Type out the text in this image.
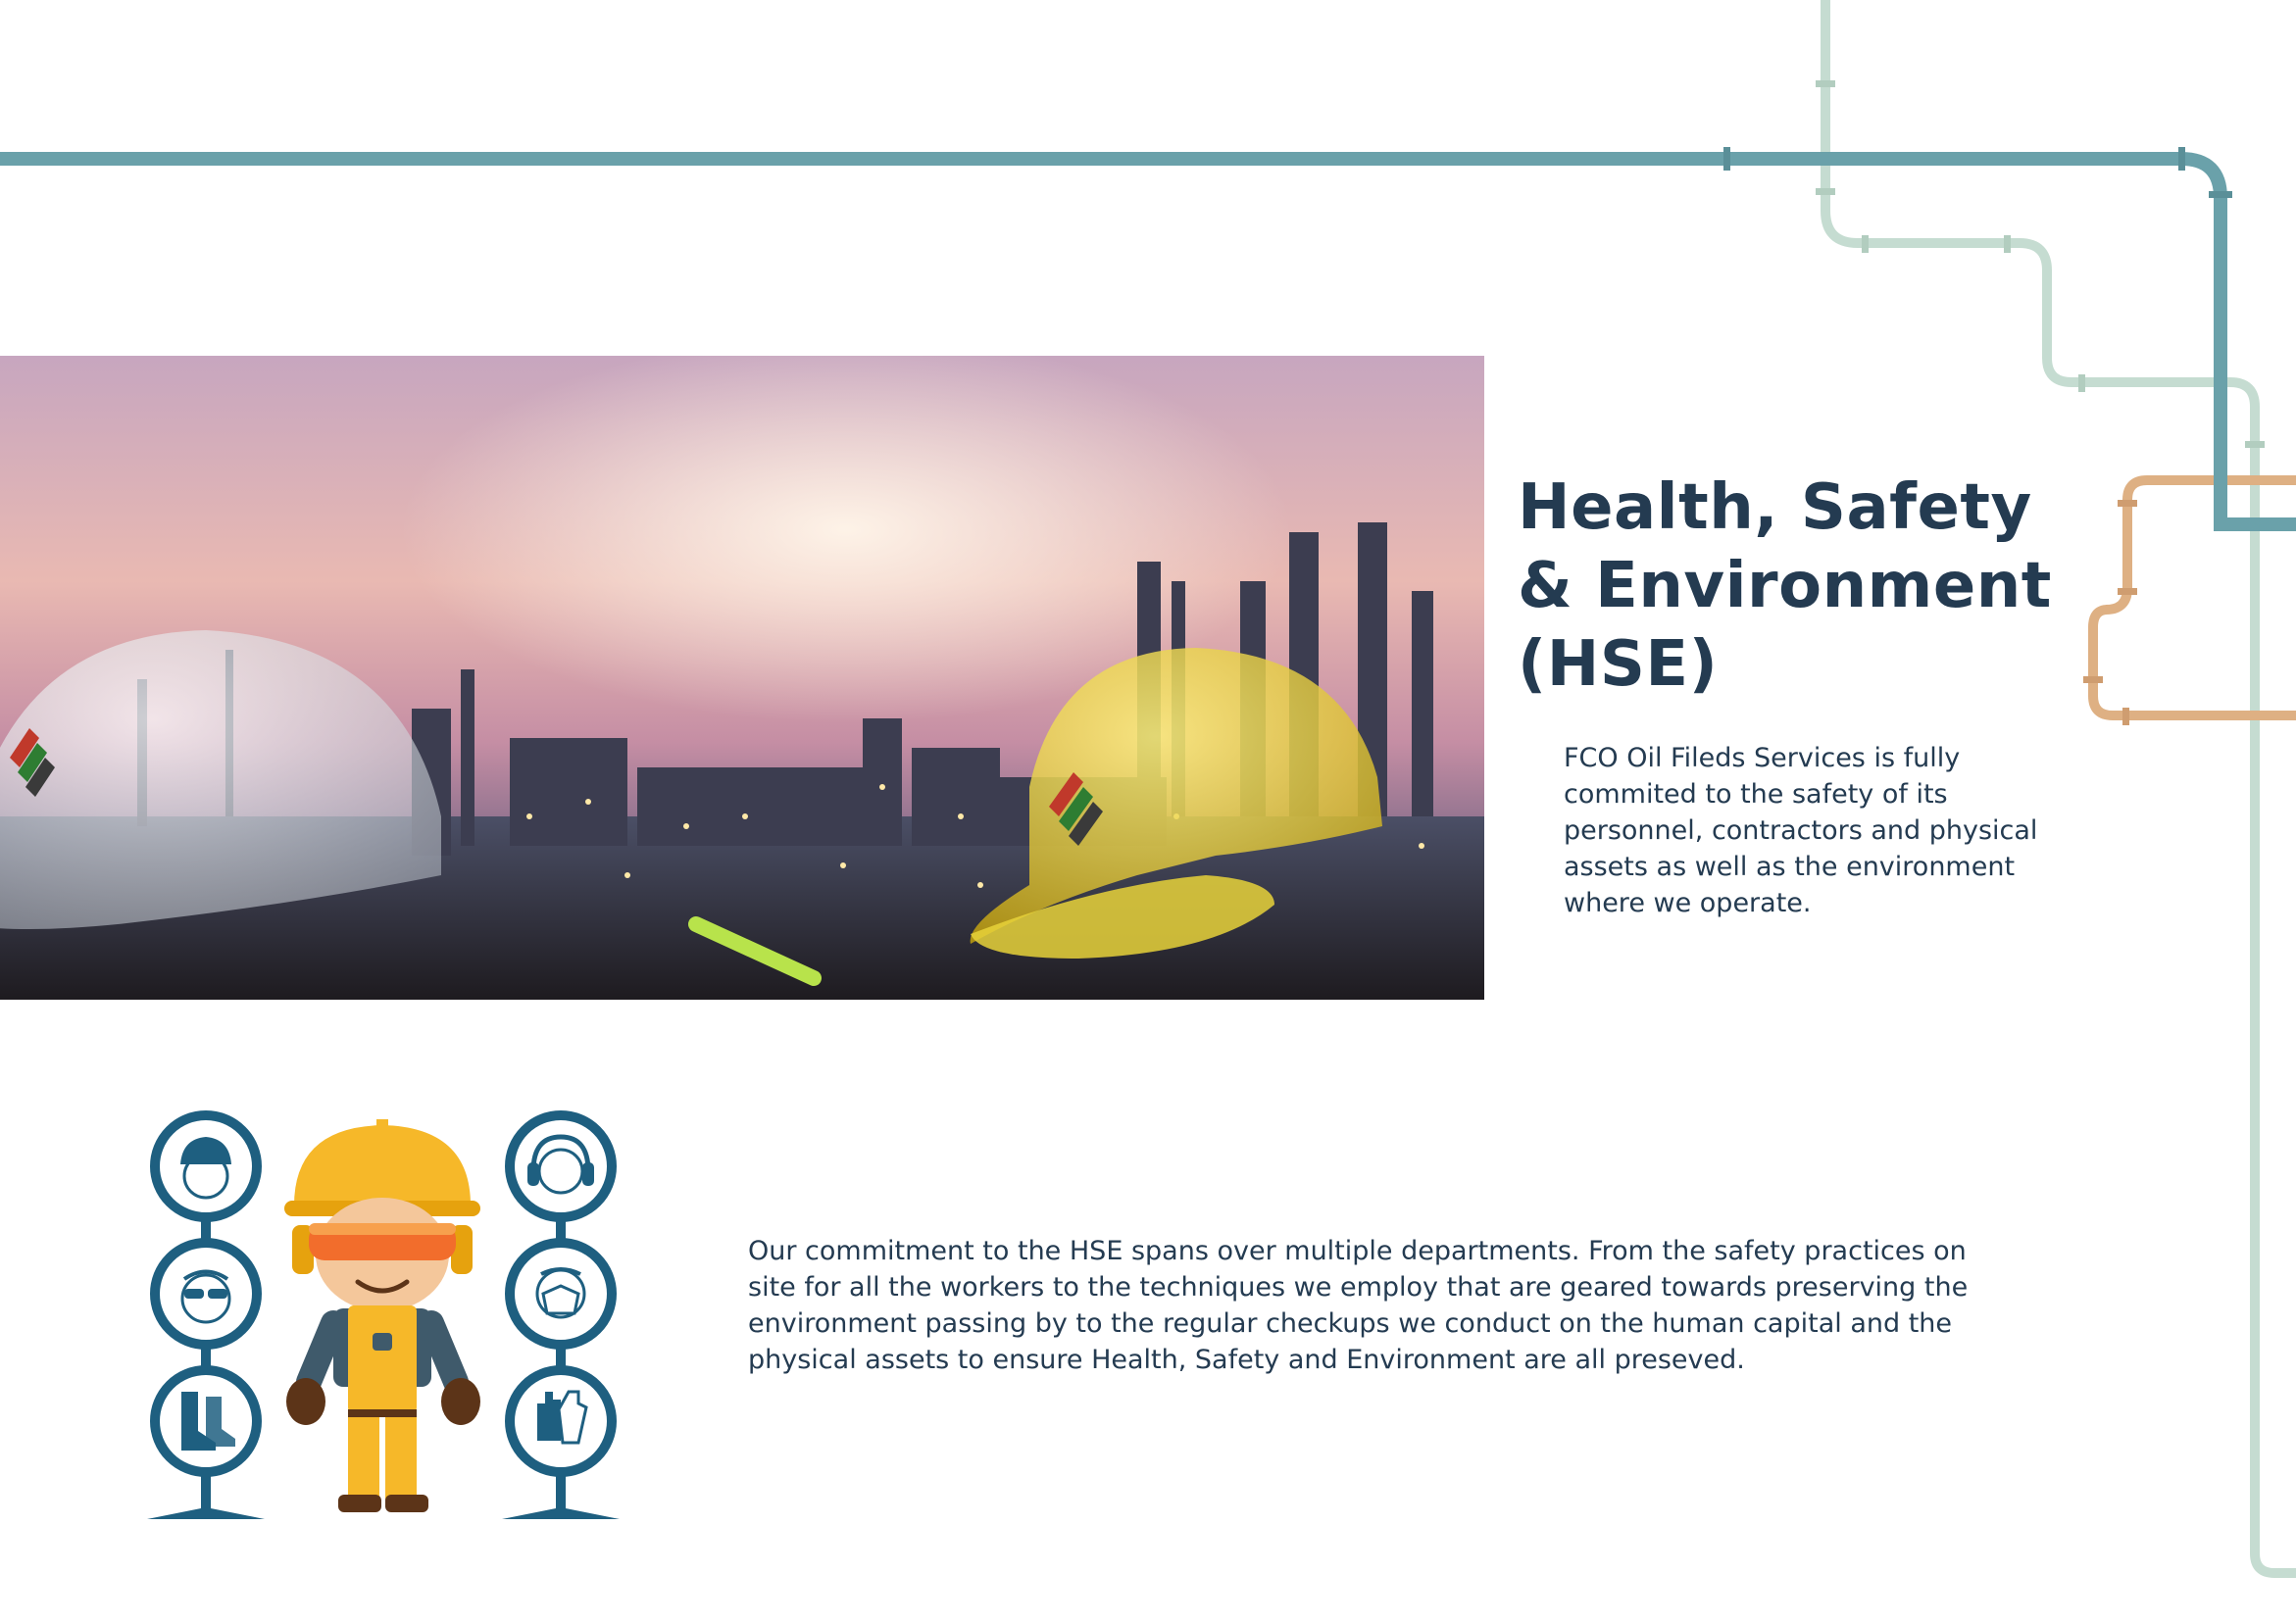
Health, Safety
& Environment
(HSE)
FCO Oil Fileds Services is fully
commited to the safety of its
personnel, contractors and physical
assets as well as the environment
where we operate.
Our commitment to the HSE spans over multiple departments. From the safety practices on
site for all the workers to the techniques we employ that are geared towards preserving the
environment passing by to the regular checkups we conduct on the human capital and the
physical assets to ensure Health, Safety and Environment are all preseved.
